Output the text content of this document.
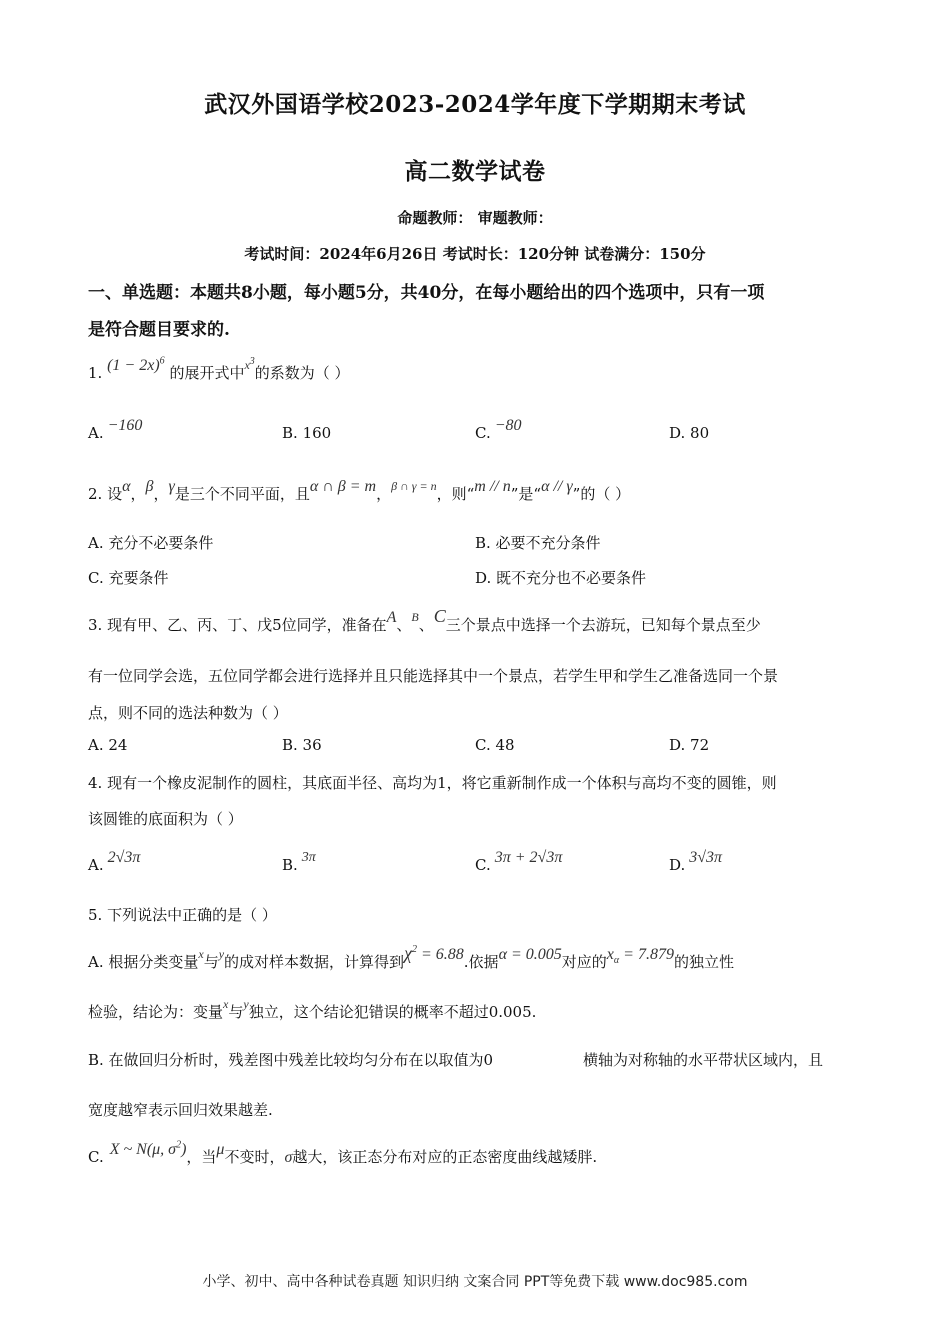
武汉外国语学校2023-2024学年度下学期期末考试
高二数学试卷
命题教师： 审题教师：
考试时间：2024年6月26日 考试时长：120分钟 试卷满分：150分
一、单选题：本题共8小题，每小题5分，共40分，在每小题给出的四个选项中，只有一项
是符合题目要求的.
1. $(1 - 2x)^6$ 的展开式中$^{x^3}$的系数为（ ）
A. −160	B. 160	C. −80	D. 80
2. 设α，β，γ是三个不同平面，且α ∩ β = m，$^{\beta \cap \gamma = n}$，则“m // n”是“α // γ”的（ ）
A. 充分不必要条件	B. 必要不充分条件
C. 充要条件	D. 既不充分也不必要条件
3. 现有甲、乙、丙、丁、戊5位同学，准备在A、$^B$、C三个景点中选择一个去游玩，已知每个景点至少
有一位同学会选，五位同学都会进行选择并且只能选择其中一个景点，若学生甲和学生乙准备选同一个景
点，则不同的选法种数为（ ）
A. 24	B. 36	C. 48	D. 72
4. 现有一个橡皮泥制作的圆柱，其底面半径、高均为1，将它重新制作成一个体积与高均不变的圆锥，则
该圆锥的底面积为（ ）
A. 2√3π	B. 3π	C. 3π + 2√3π	D. 3√3π
5. 下列说法中正确的是（ ）
A. 根据分类变量$^x$与$^y$的成对样本数据，计算得到$\chi^2 = 6.88$.依据α = 0.005对应的$x_\alpha = 7.879$的独立性
检验，结论为：变量$^x$与$^y$独立，这个结论犯错误的概率不超过0.005.
B. 在做回归分析时，残差图中残差比较均匀分布在以取值为0	横轴为对称轴的水平带状区域内，且
宽度越窄表示回归效果越差.
C. X ~ N(μ, $\sigma^2$)，当μ不变时，σ越大，该正态分布对应的正态密度曲线越矮胖.
小学、初中、高中各种试卷真题 知识归纳 文案合同 PPT等免费下载 www.doc985.com
